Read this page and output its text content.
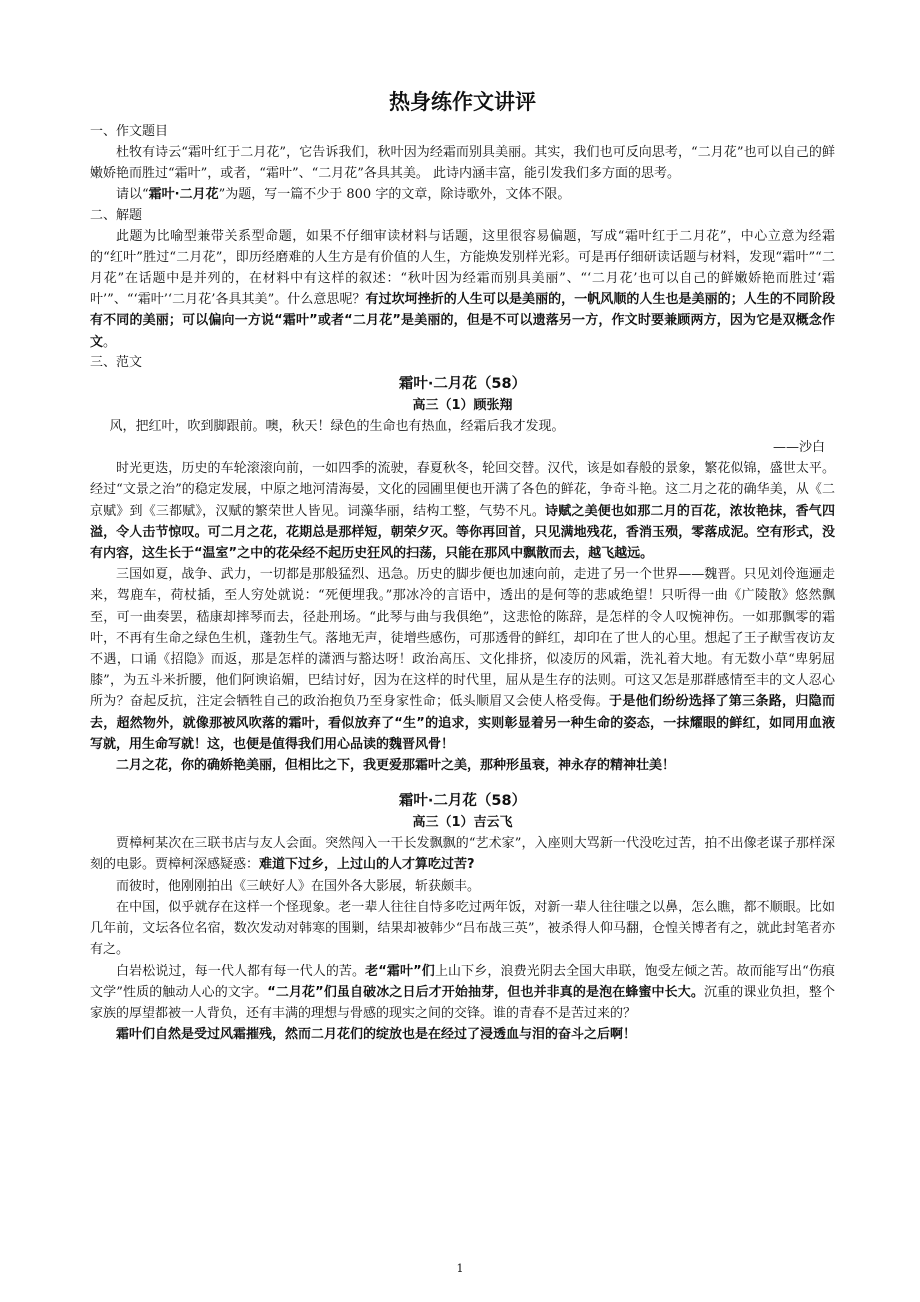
热身练作文讲评
一、作文题目

杜牧有诗云“霜叶红于二月花”，它告诉我们，秋叶因为经霜而别具美丽。其实，我们也可反向思考，“二月花”也可以自己的鲜嫩娇艳而胜过“霜叶”，或者，“霜叶”、“二月花”各具其美。 此诗内涵丰富，能引发我们多方面的思考。

请以“霜叶·二月花”为题，写一篇不少于 800 字的文章，除诗歌外，文体不限。

二、解题

此题为比喻型兼带关系型命题，如果不仔细审读材料与话题，这里很容易偏题，写成“霜叶红于二月花”，中心立意为经霜的“红叶”胜过“二月花”，即历经磨难的人生方是有价值的人生，方能焕发别样光彩。可是再仔细研读话题与材料，发现“霜叶”“二月花”在话题中是并列的，在材料中有这样的叙述：“秋叶因为经霜而别具美丽”、“‘二月花’也可以自己的鲜嫩娇艳而胜过‘霜叶’”、“‘霜叶’‘二月花’各具其美”。什么意思呢？有过坎坷挫折的人生可以是美丽的，一帆风顺的人生也是美丽的；人生的不同阶段有不同的美丽；可以偏向一方说“霜叶”或者“二月花”是美丽的，但是不可以遗落另一方，作文时要兼顾两方，因为它是双概念作文。

三、范文
霜叶·二月花（58）
高三（1）顾张翔

风，把红叶，吹到脚跟前。噢，秋天！绿色的生命也有热血，经霜后我才发现。

——沙白

时光更迭，历史的车轮滚滚向前，一如四季的流驶，春夏秋冬，轮回交替。汉代，该是如春般的景象，繁花似锦，盛世太平。经过“文景之治”的稳定发展，中原之地河清海晏，文化的园圃里便也开满了各色的鲜花，争奇斗艳。这二月之花的确华美，从《二京赋》到《三都赋》，汉赋的繁荣世人皆见。词藻华丽，结构工整，气势不凡。诗赋之美便也如那二月的百花，浓妆艳抹，香气四溢，令人击节惊叹。可二月之花，花期总是那样短，朝荣夕灭。等你再回首，只见满地残花，香消玉殒，零落成泥。空有形式，没有内容，这生长于“温室”之中的花朵经不起历史狂风的扫荡，只能在那风中飘散而去，越飞越远。

三国如夏，战争、武力，一切都是那般猛烈、迅急。历史的脚步便也加速向前，走进了另一个世界——魏晋。只见刘伶迤逦走来，驾鹿车，荷杖插，至人穷处就说：“死便埋我。”那冰冷的言语中，透出的是何等的悲戚绝望！只听得一曲《广陵散》悠然飘至，可一曲奏罢，嵇康却摔琴而去，径赴刑场。“此琴与曲与我俱绝”，这悲怆的陈辞，是怎样的令人叹惋神伤。一如那飘零的霜叶，不再有生命之绿色生机，蓬勃生气。落地无声，徒增些感伤，可那透骨的鲜红，却印在了世人的心里。想起了王子猷雪夜访友不遇，口诵《招隐》而返，那是怎样的潇洒与豁达呀！政治高压、文化排挤，似凌厉的风霜，洗礼着大地。有无数小草“卑躬屈膝”，为五斗米折腰，他们阿谀谄媚，巴结讨好，因为在这样的时代里，屈从是生存的法则。可这又怎是那群感情至丰的文人忍心所为？奋起反抗，注定会牺牲自己的政治抱负乃至身家性命；低头顺眉又会使人格受侮。于是他们纷纷选择了第三条路，归隐而去，超然物外，就像那被风吹落的霜叶，看似放弃了“生”的追求，实则彰显着另一种生命的姿态，一抹耀眼的鲜红，如同用血液写就，用生命写就！这，也便是值得我们用心品读的魏晋风骨！

二月之花，你的确娇艳美丽，但相比之下，我更爱那霜叶之美，那种形虽衰，神永存的精神壮美！

霜叶·二月花（58）
高三（1）吉云飞

贾樟柯某次在三联书店与友人会面。突然闯入一干长发飘飘的“艺术家”，入座则大骂新一代没吃过苦，拍不出像老谋子那样深刻的电影。贾樟柯深感疑惑：难道下过乡，上过山的人才算吃过苦?

而彼时，他刚刚拍出《三峡好人》在国外各大影展，斩获颇丰。

在中国，似乎就存在这样一个怪现象。老一辈人往往自恃多吃过两年饭，对新一辈人往往嗤之以鼻，怎么瞧，都不顺眼。比如几年前，文坛各位名宿，数次发动对韩寒的围剿，结果却被韩少“吕布战三英”，被杀得人仰马翻，仓惶关博者有之，就此封笔者亦有之。

白岩松说过，每一代人都有每一代人的苦。老“霜叶”们上山下乡，浪费光阴去全国大串联，饱受左倾之苦。故而能写出“伤痕文学”性质的触动人心的文字。“二月花”们虽自破冰之日后才开始抽芽，但也并非真的是泡在蜂蜜中长大。沉重的课业负担，整个家族的厚望都被一人背负，还有丰满的理想与骨感的现实之间的交锋。谁的青春不是苦过来的？

霜叶们自然是受过风霜摧残，然而二月花们的绽放也是在经过了浸透血与泪的奋斗之后啊！

1
